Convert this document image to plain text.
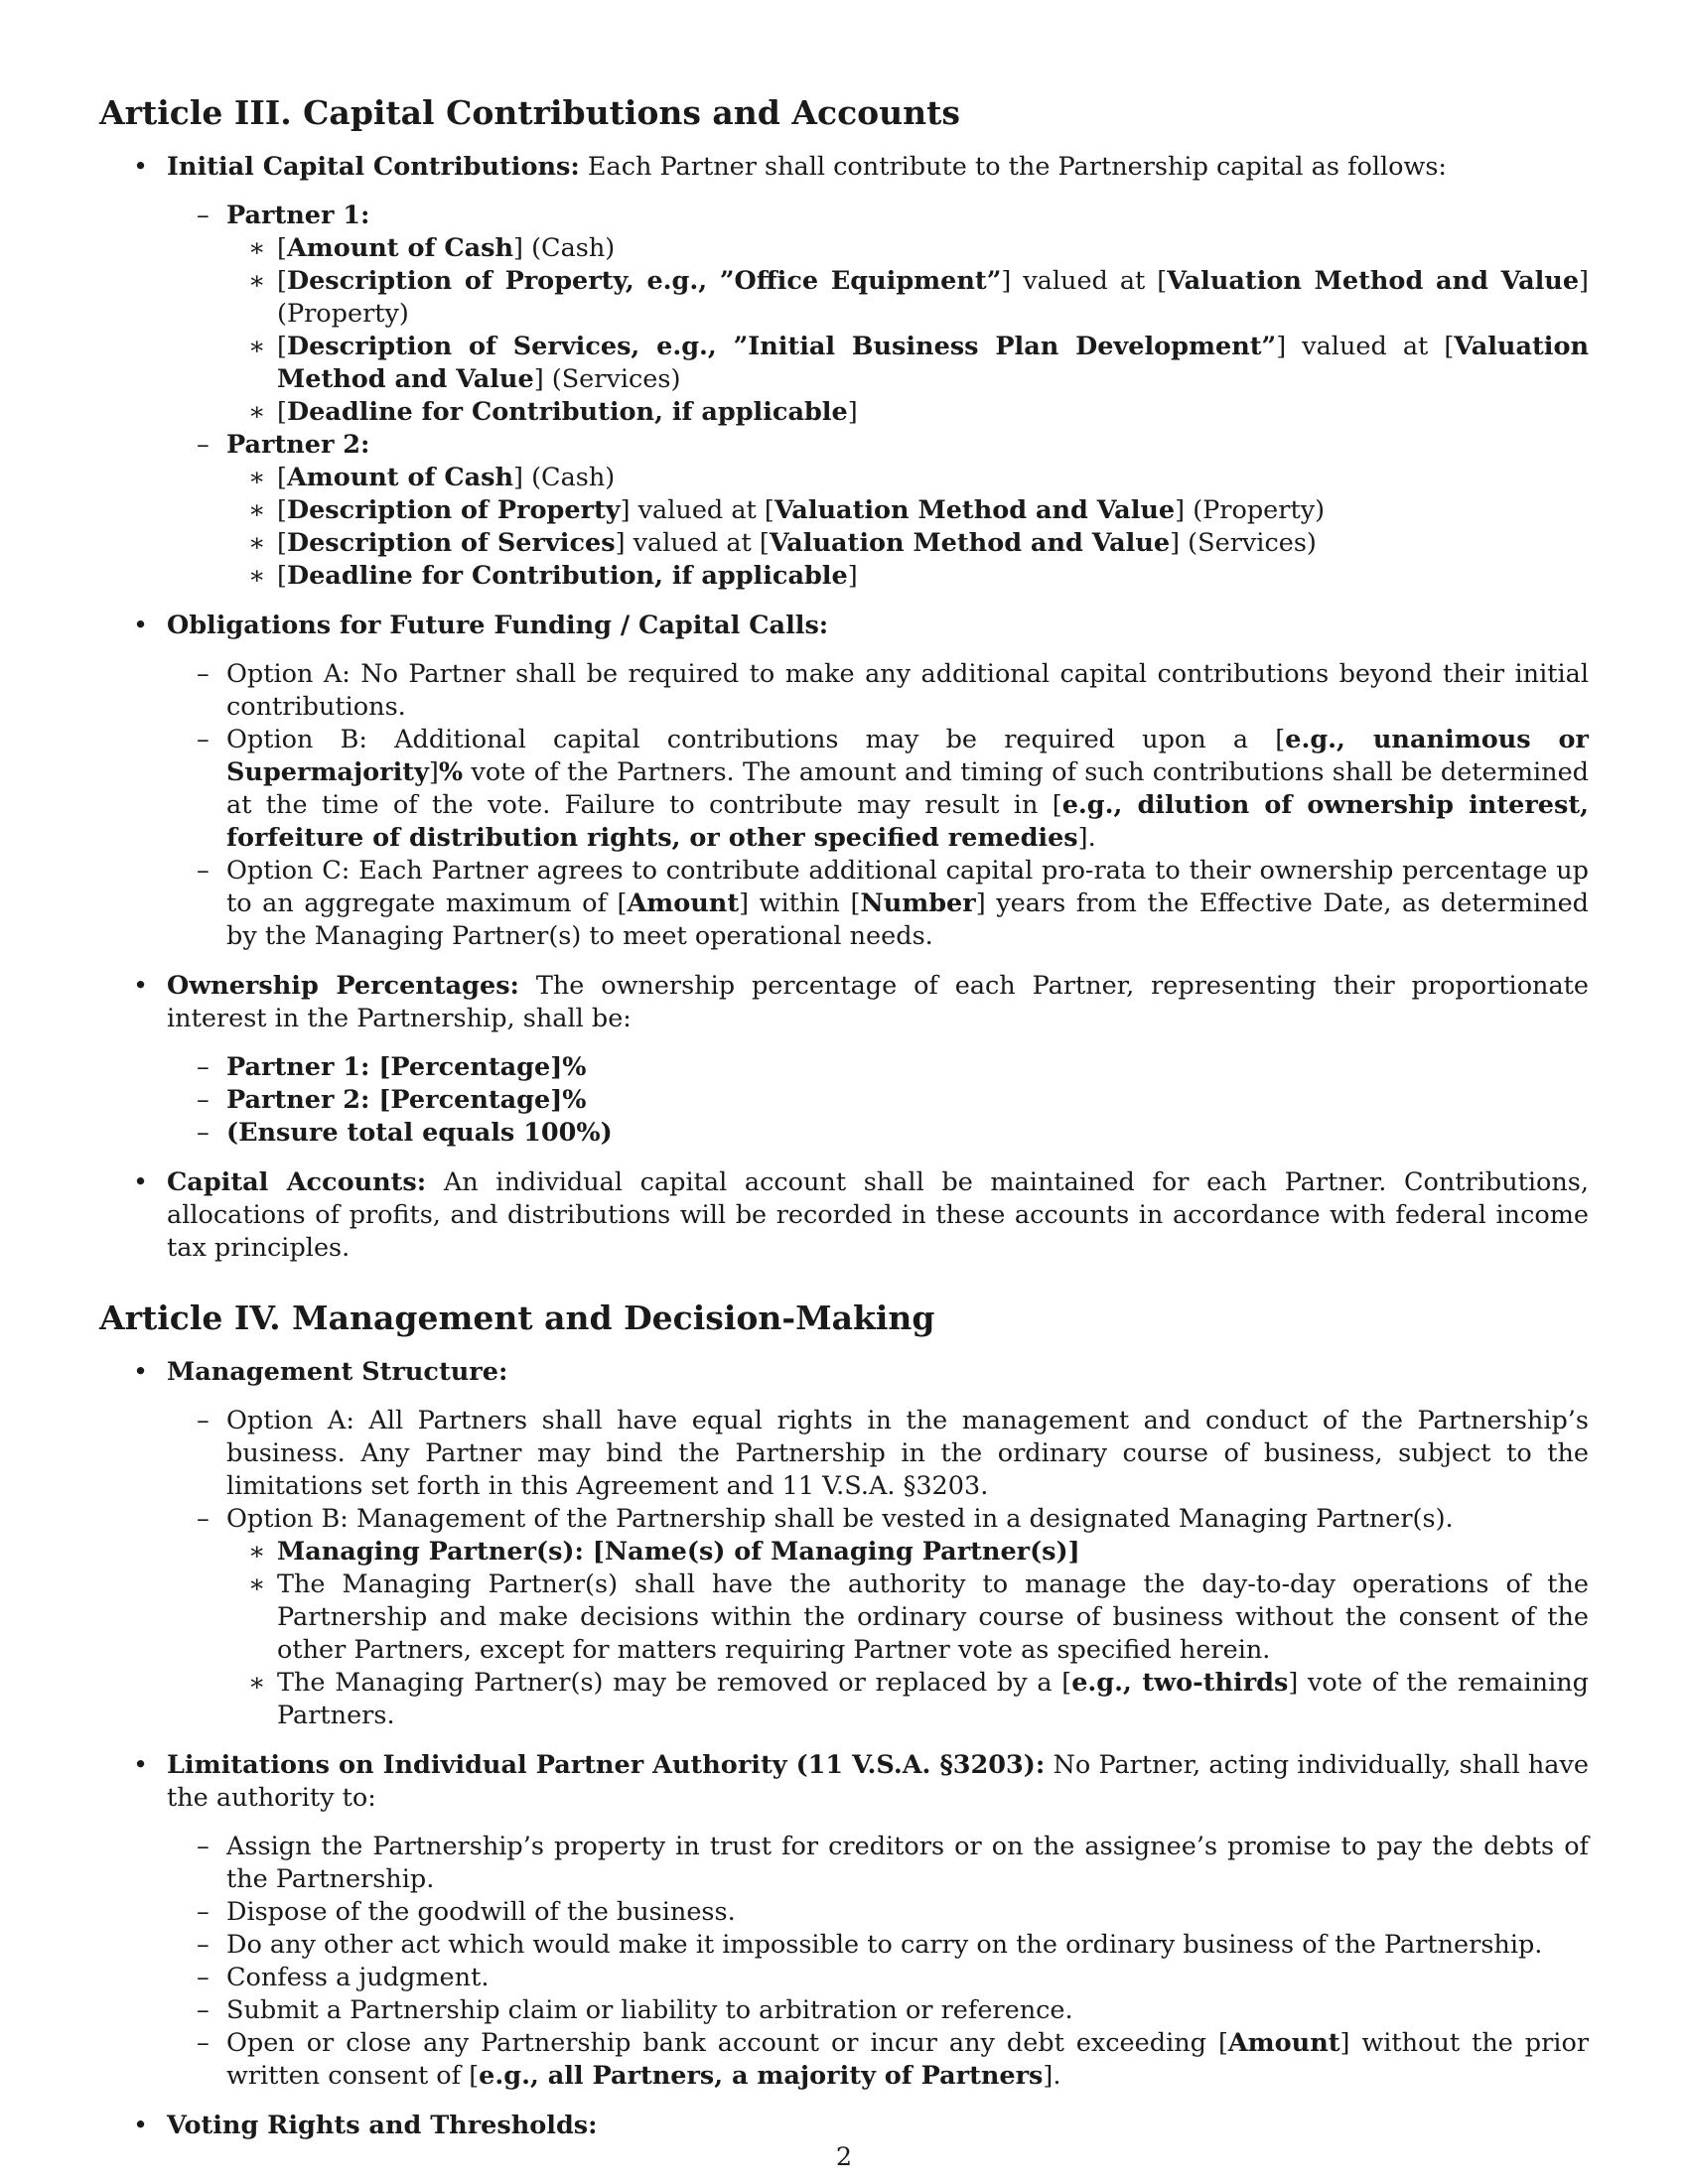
Article III. Capital Contributions and Accounts
• Initial Capital Contributions: Each Partner shall contribute to the Partnership capital as follows:
– Partner 1:
∗ [Amount of Cash] (Cash)
∗ [Description of Property, e.g., ”Office Equipment”] valued at [Valuation Method and Value] (Property)
∗ [Description of Services, e.g., ”Initial Business Plan Development”] valued at [Valuation Method and Value] (Services)
∗ [Deadline for Contribution, if applicable]
– Partner 2:
∗ [Amount of Cash] (Cash)
∗ [Description of Property] valued at [Valuation Method and Value] (Property)
∗ [Description of Services] valued at [Valuation Method and Value] (Services)
∗ [Deadline for Contribution, if applicable]
• Obligations for Future Funding / Capital Calls:
– Option A: No Partner shall be required to make any additional capital contributions beyond their initial contributions.
– Option B: Additional capital contributions may be required upon a [e.g., unanimous or Supermajority]% vote of the Partners. The amount and timing of such contributions shall be determined at the time of the vote. Failure to contribute may result in [e.g., dilution of ownership interest, forfeiture of distribution rights, or other specified remedies].
– Option C: Each Partner agrees to contribute additional capital pro-rata to their ownership percentage up to an aggregate maximum of [Amount] within [Number] years from the Effective Date, as determined by the Managing Partner(s) to meet operational needs.
• Ownership Percentages: The ownership percentage of each Partner, representing their proportionate interest in the Partnership, shall be:
– Partner 1: [Percentage]%
– Partner 2: [Percentage]%
– (Ensure total equals 100%)
• Capital Accounts: An individual capital account shall be maintained for each Partner. Contributions, allocations of profits, and distributions will be recorded in these accounts in accordance with federal income tax principles.
Article IV. Management and Decision-Making
• Management Structure:
– Option A: All Partners shall have equal rights in the management and conduct of the Partnership’s business. Any Partner may bind the Partnership in the ordinary course of business, subject to the limitations set forth in this Agreement and 11 V.S.A. §3203.
– Option B: Management of the Partnership shall be vested in a designated Managing Partner(s).
∗ Managing Partner(s): [Name(s) of Managing Partner(s)]
∗ The Managing Partner(s) shall have the authority to manage the day-to-day operations of the Partnership and make decisions within the ordinary course of business without the consent of the other Partners, except for matters requiring Partner vote as specified herein.
∗ The Managing Partner(s) may be removed or replaced by a [e.g., two-thirds] vote of the remaining Partners.
• Limitations on Individual Partner Authority (11 V.S.A. §3203): No Partner, acting individually, shall have the authority to:
– Assign the Partnership’s property in trust for creditors or on the assignee’s promise to pay the debts of the Partnership.
– Dispose of the goodwill of the business.
– Do any other act which would make it impossible to carry on the ordinary business of the Partnership.
– Confess a judgment.
– Submit a Partnership claim or liability to arbitration or reference.
– Open or close any Partnership bank account or incur any debt exceeding [Amount] without the prior written consent of [e.g., all Partners, a majority of Partners].
• Voting Rights and Thresholds:
2
